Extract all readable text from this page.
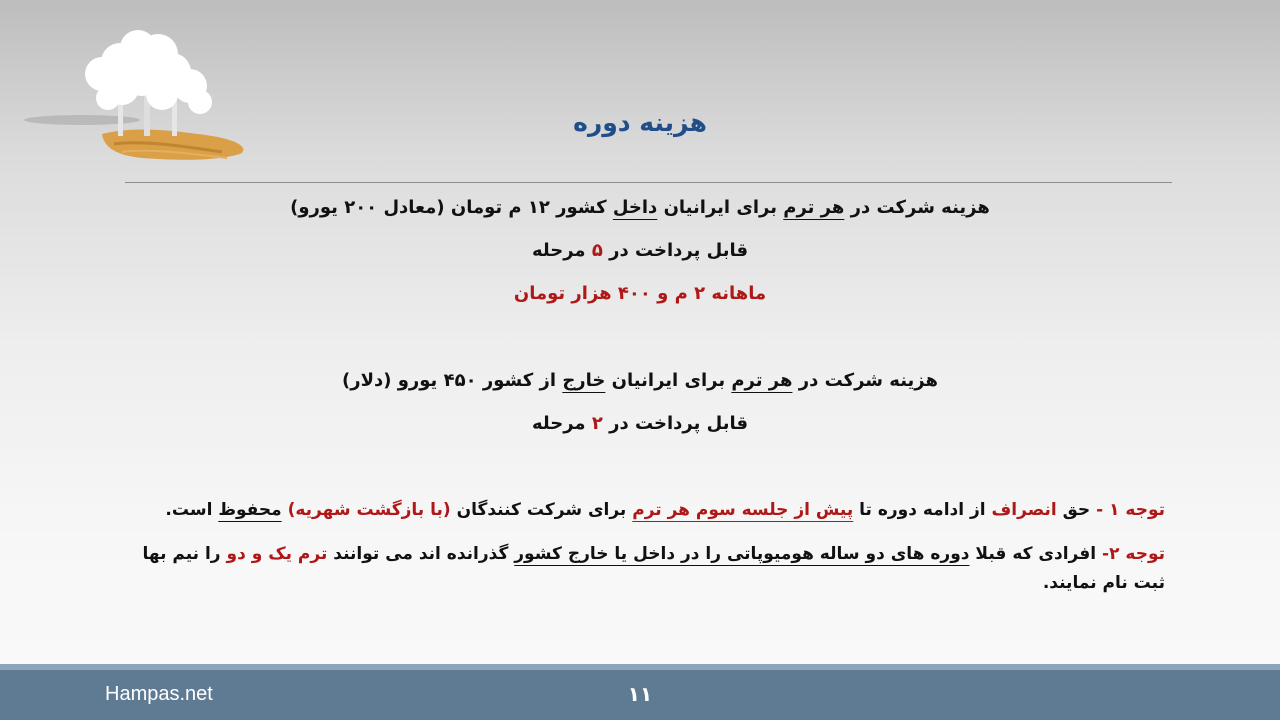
هزینه دوره
هزینه شرکت در هر ترم برای ایرانیان داخل کشور ۱۲ م تومان (معادل ۲۰۰ یورو)
قابل پرداخت در ۵ مرحله
ماهانه ۲ م و ۴۰۰ هزار تومان
هزینه شرکت در هر ترم برای ایرانیان خارج از کشور ۴۵۰ یورو (دلار)
قابل پرداخت در ۲ مرحله
توجه ۱ - حق انصراف از ادامه دوره تا پیش از جلسه سوم هر ترم برای شرکت کنندگان (با بازگشت شهریه) محفوظ است.
توجه ۲- افرادی که قبلا دوره های دو ساله هومیوپاتی را در داخل یا خارج کشور گذرانده اند می توانند ترم یک و دو را نیم بها ثبت نام نمایند.
Hampas.net	۱۱
